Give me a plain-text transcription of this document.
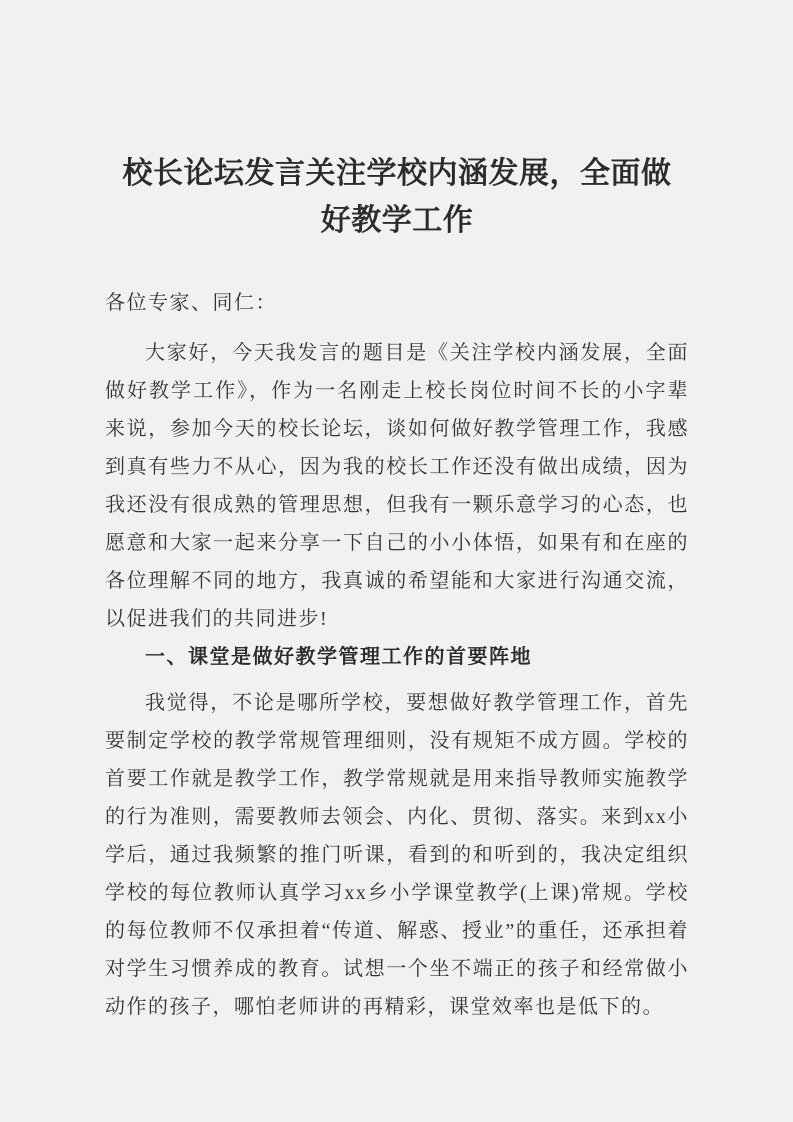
校长论坛发言关注学校内涵发展，全面做好教学工作

各位专家、同仁：

大家好，今天我发言的题目是《关注学校内涵发展，全面做好教学工作》，作为一名刚走上校长岗位时间不长的小字辈来说，参加今天的校长论坛，谈如何做好教学管理工作，我感到真有些力不从心，因为我的校长工作还没有做出成绩，因为我还没有很成熟的管理思想，但我有一颗乐意学习的心态，也愿意和大家一起来分享一下自己的小小体悟，如果有和在座的各位理解不同的地方，我真诚的希望能和大家进行沟通交流，以促进我们的共同进步!

一、课堂是做好教学管理工作的首要阵地

我觉得，不论是哪所学校，要想做好教学管理工作，首先要制定学校的教学常规管理细则，没有规矩不成方圆。学校的首要工作就是教学工作，教学常规就是用来指导教师实施教学的行为准则，需要教师去领会、内化、贯彻、落实。来到xx小学后，通过我频繁的推门听课，看到的和听到的，我决定组织学校的每位教师认真学习xx乡小学课堂教学(上课)常规。学校的每位教师不仅承担着“传道、解惑、授业”的重任，还承担着对学生习惯养成的教育。试想一个坐不端正的孩子和经常做小动作的孩子，哪怕老师讲的再精彩，课堂效率也是低下的。
